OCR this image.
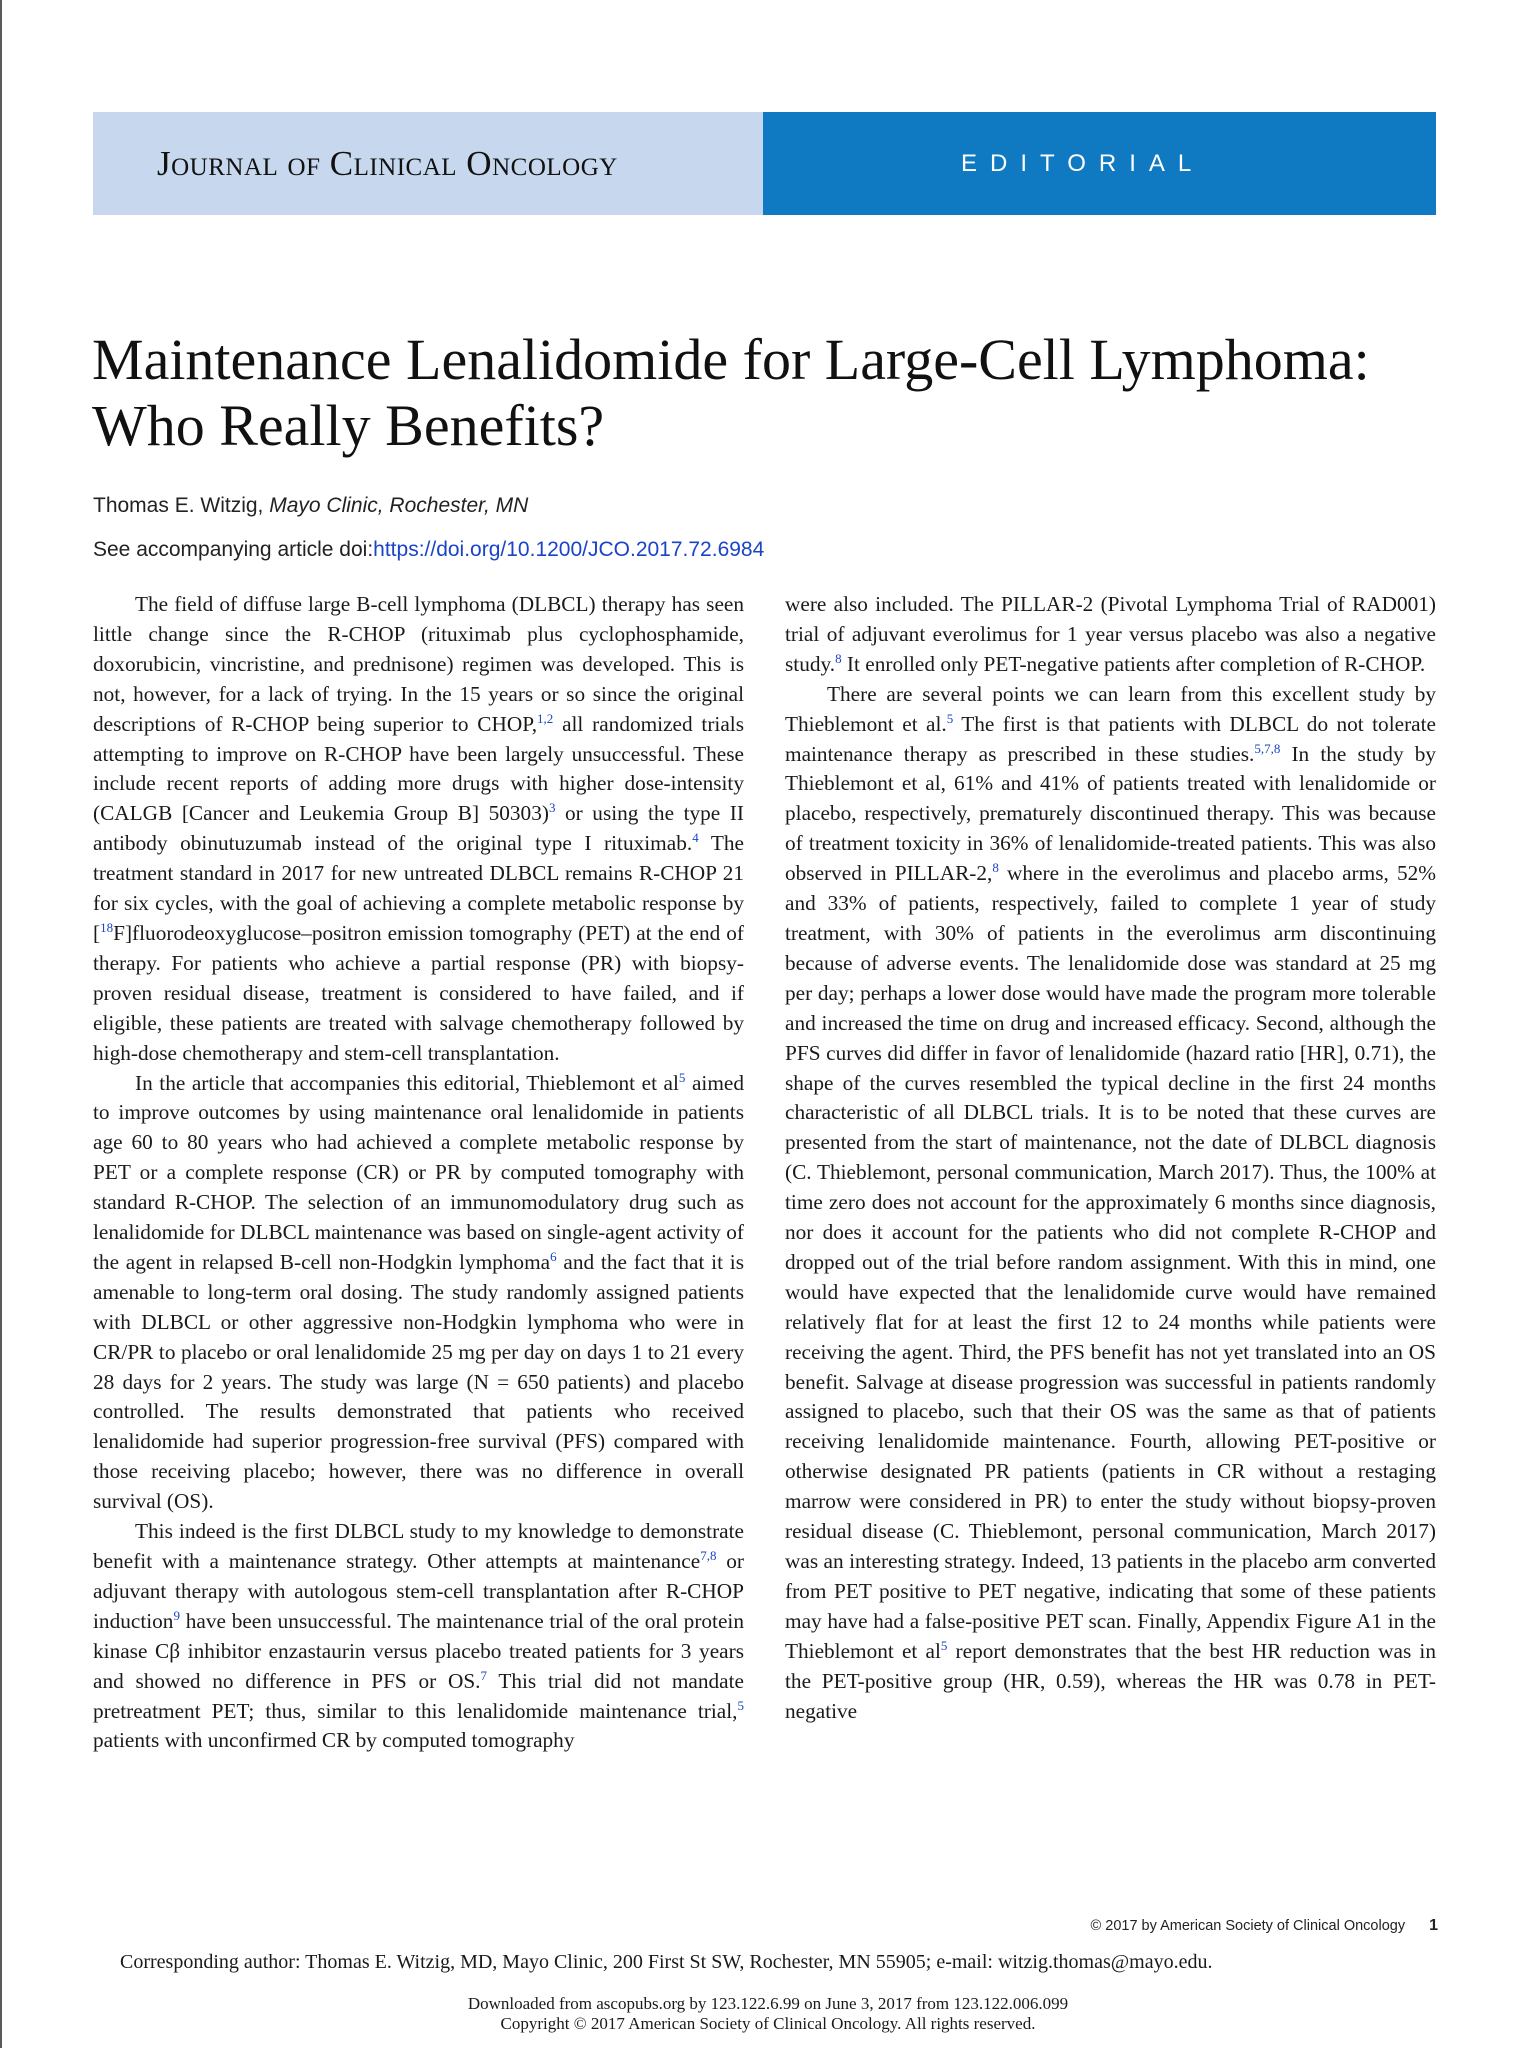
Journal of Clinical Oncology	EDITORIAL
Maintenance Lenalidomide for Large-Cell Lymphoma: Who Really Benefits?
Thomas E. Witzig, Mayo Clinic, Rochester, MN
See accompanying article doi:https://doi.org/10.1200/JCO.2017.72.6984

The field of diffuse large B-cell lymphoma (DLBCL) therapy has seen little change since the R-CHOP (rituximab plus cyclophosphamide, doxorubicin, vincristine, and prednisone) regimen was developed. This is not, however, for a lack of trying. In the 15 years or so since the original descriptions of R-CHOP being superior to CHOP,$^{1,2}$ all randomized trials attempting to improve on R-CHOP have been largely unsuccessful. These include recent reports of adding more drugs with higher dose-intensity (CALGB [Cancer and Leukemia Group B] 50303)$^3$ or using the type II antibody obinutuzumab instead of the original type I rituximab.$^4$ The treatment standard in 2017 for new untreated DLBCL remains R-CHOP 21 for six cycles, with the goal of achieving a complete metabolic response by [$^{18}$F]fluorodeoxyglucose–positron emission tomography (PET) at the end of therapy. For patients who achieve a partial response (PR) with biopsy-proven residual disease, treatment is considered to have failed, and if eligible, these patients are treated with salvage chemotherapy followed by high-dose chemotherapy and stem-cell transplantation.

In the article that accompanies this editorial, Thieblemont et $al^5$ aimed to improve outcomes by using maintenance oral lenalidomide in patients age 60 to 80 years who had achieved a complete metabolic response by PET or a complete response (CR) or PR by computed tomography with standard R-CHOP. The selection of an immunomodulatory drug such as lenalidomide for DLBCL maintenance was based on single-agent activity of the agent in relapsed B-cell non-Hodgkin lymphoma$^6$ and the fact that it is amenable to long-term oral dosing. The study randomly assigned patients with DLBCL or other aggressive non-Hodgkin lymphoma who were in CR/PR to placebo or oral lenalidomide 25 mg per day on days 1 to 21 every 28 days for 2 years. The study was large (N = 650 patients) and placebo controlled. The results demonstrated that patients who received lenalidomide had superior progression-free survival (PFS) compared with those receiving placebo; however, there was no difference in overall survival (OS).

This indeed is the first DLBCL study to my knowledge to demonstrate benefit with a maintenance strategy. Other attempts at maintenance$^{7,8}$ or adjuvant therapy with autologous stem-cell transplantation after R-CHOP induction$^9$ have been unsuccessful. The maintenance trial of the oral protein kinase Cβ inhibitor enzastaurin versus placebo treated patients for 3 years and showed no difference in PFS or OS.$^7$ This trial did not mandate pretreatment PET; thus, similar to this lenalidomide maintenance trial,$^5$ patients with unconfirmed CR by computed tomography

were also included. The PILLAR-2 (Pivotal Lymphoma Trial of RAD001) trial of adjuvant everolimus for 1 year versus placebo was also a negative study.$^8$ It enrolled only PET-negative patients after completion of R-CHOP.

There are several points we can learn from this excellent study by Thieblemont et al.$^5$ The first is that patients with DLBCL do not tolerate maintenance therapy as prescribed in these studies.$^{5,7,8}$ In the study by Thieblemont et al, 61% and 41% of patients treated with lenalidomide or placebo, respectively, prematurely discontinued therapy. This was because of treatment toxicity in 36% of lenalidomide-treated patients. This was also observed in PILLAR-2,$^8$ where in the everolimus and placebo arms, 52% and 33% of patients, respectively, failed to complete 1 year of study treatment, with 30% of patients in the everolimus arm discontinuing because of adverse events. The lenalidomide dose was standard at 25 mg per day; perhaps a lower dose would have made the program more tolerable and increased the time on drug and increased efficacy. Second, although the PFS curves did differ in favor of lenalidomide (hazard ratio [HR], 0.71), the shape of the curves resembled the typical decline in the first 24 months characteristic of all DLBCL trials. It is to be noted that these curves are presented from the start of maintenance, not the date of DLBCL diagnosis (C. Thieblemont, personal communication, March 2017). Thus, the 100% at time zero does not account for the approximately 6 months since diagnosis, nor does it account for the patients who did not complete R-CHOP and dropped out of the trial before random assignment. With this in mind, one would have expected that the lenalidomide curve would have remained relatively flat for at least the first 12 to 24 months while patients were receiving the agent. Third, the PFS benefit has not yet translated into an OS benefit. Salvage at disease progression was successful in patients randomly assigned to placebo, such that their OS was the same as that of patients receiving lenalidomide maintenance. Fourth, allowing PET-positive or otherwise designated PR patients (patients in CR without a restaging marrow were considered in PR) to enter the study without biopsy-proven residual disease (C. Thieblemont, personal communication, March 2017) was an interesting strategy. Indeed, 13 patients in the placebo arm converted from PET positive to PET negative, indicating that some of these patients may have had a false-positive PET scan. Finally, Appendix Figure A1 in the Thieblemont et $al^5$ report demonstrates that the best HR reduction was in the PET-positive group (HR, 0.59), whereas the HR was 0.78 in PET-negative

© 2017 by American Society of Clinical Oncology 1
Corresponding author: Thomas E. Witzig, MD, Mayo Clinic, 200 First St SW, Rochester, MN 55905; e-mail: witzig.thomas@mayo.edu.
Downloaded from ascopubs.org by 123.122.6.99 on June 3, 2017 from 123.122.006.099
Copyright © 2017 American Society of Clinical Oncology. All rights reserved.
